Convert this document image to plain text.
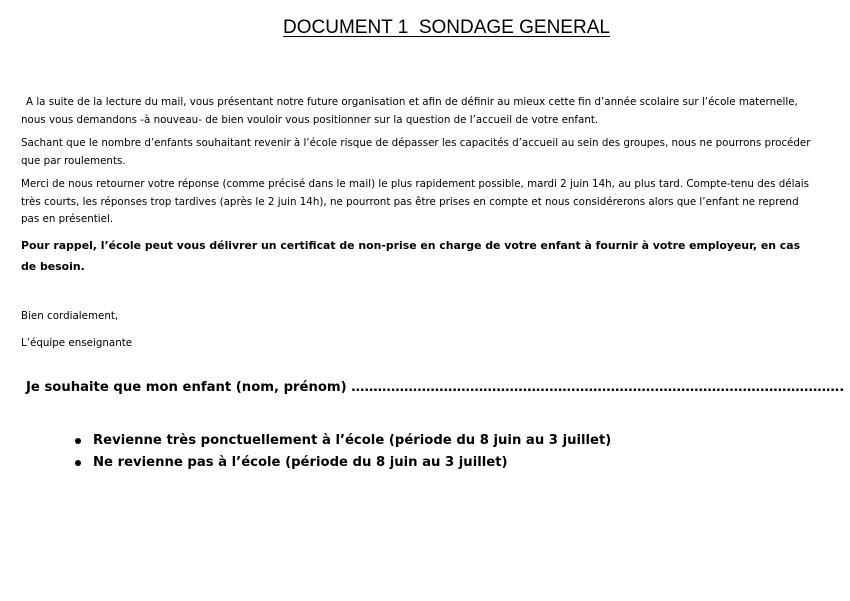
DOCUMENT 1  SONDAGE GENERAL

A la suite de la lecture du mail, vous présentant notre future organisation et afin de définir au mieux cette fin d’année scolaire sur l’école maternelle, nous vous demandons -à nouveau- de bien vouloir vous positionner sur la question de l’accueil de votre enfant.

Sachant que le nombre d’enfants souhaitant revenir à l’école risque de dépasser les capacités d’accueil au sein des groupes, nous ne pourrons procéder que par roulements.

Merci de nous retourner votre réponse (comme précisé dans le mail) le plus rapidement possible, mardi 2 juin 14h, au plus tard. Compte-tenu des délais très courts, les réponses trop tardives (après le 2 juin 14h), ne pourront pas être prises en compte et nous considérerons alors que l’enfant ne reprend pas en présentiel.

Pour rappel, l’école peut vous délivrer un certificat de non-prise en charge de votre enfant à fournir à votre employeur, en cas de besoin.

Bien cordialement,

L’équipe enseignante

Je souhaite que mon enfant (nom, prénom) ………………………………………………………………………………………………….
Revienne très ponctuellement à l’école (période du 8 juin au 3 juillet)
Ne revienne pas à l’école (période du 8 juin au 3 juillet)
